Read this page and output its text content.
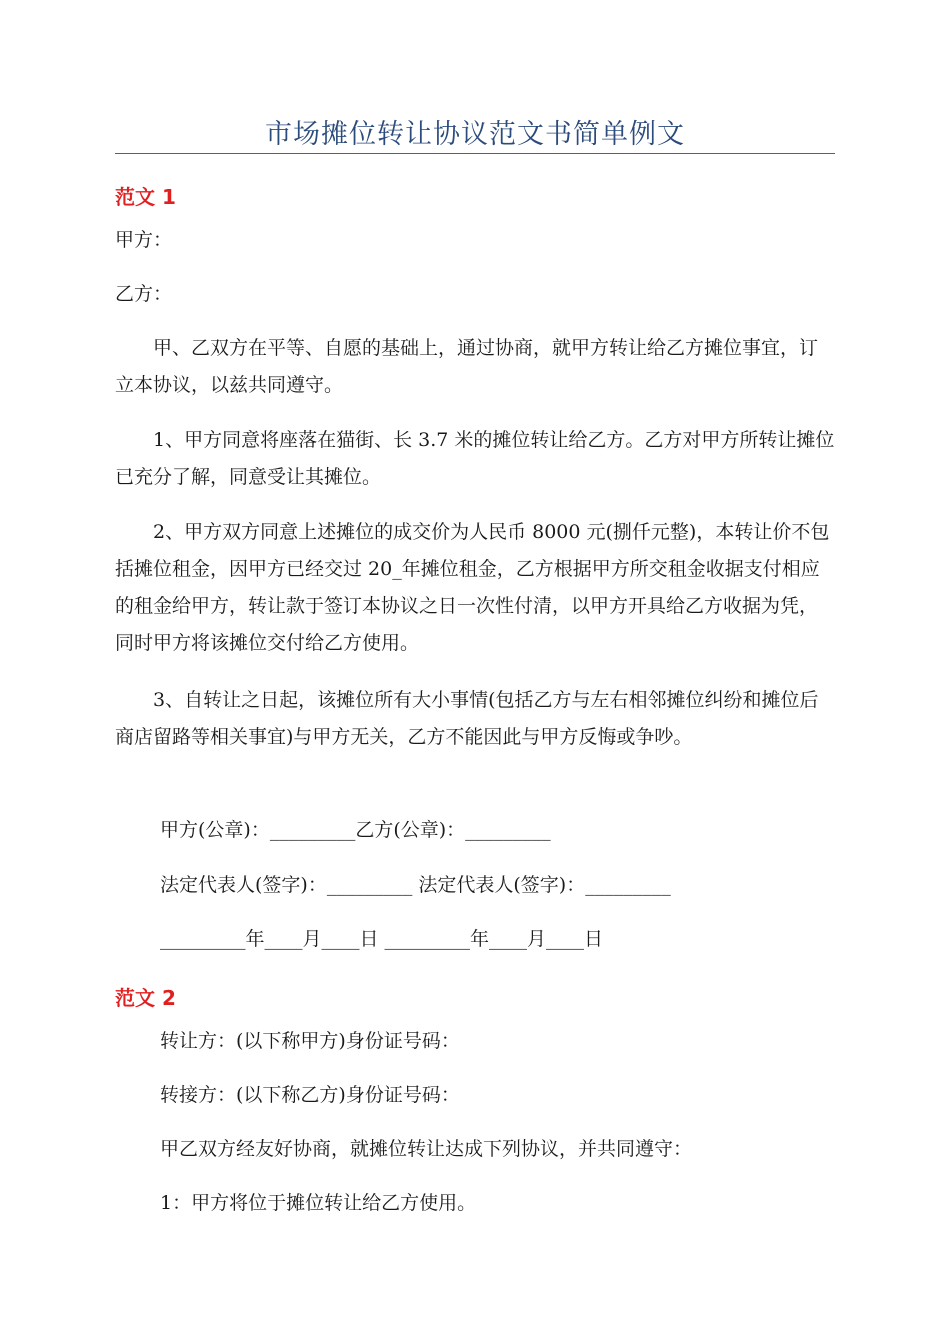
市场摊位转让协议范文书简单例文
范文 1

甲方：

乙方：

甲、乙双方在平等、自愿的基础上，通过协商，就甲方转让给乙方摊位事宜，订立本协议，以兹共同遵守。

1、甲方同意将座落在猫街、长 3.7 米的摊位转让给乙方。乙方对甲方所转让摊位已充分了解，同意受让其摊位。

2、甲方双方同意上述摊位的成交价为人民币 8000 元(捌仟元整)，本转让价不包括摊位租金，因甲方已经交过 20_年摊位租金，乙方根据甲方所交租金收据支付相应的租金给甲方，转让款于签订本协议之日一次性付清，以甲方开具给乙方收据为凭，同时甲方将该摊位交付给乙方使用。

3、自转让之日起，该摊位所有大小事情(包括乙方与左右相邻摊位纠纷和摊位后商店留路等相关事宜)与甲方无关，乙方不能因此与甲方反悔或争吵。

甲方(公章)：_________乙方(公章)：_________

法定代表人(签字)：_________ 法定代表人(签字)：_________

_________年____月____日 _________年____月____日

范文 2

转让方：(以下称甲方)身份证号码：

转接方：(以下称乙方)身份证号码：

甲乙双方经友好协商，就摊位转让达成下列协议，并共同遵守：

1：甲方将位于摊位转让给乙方使用。
